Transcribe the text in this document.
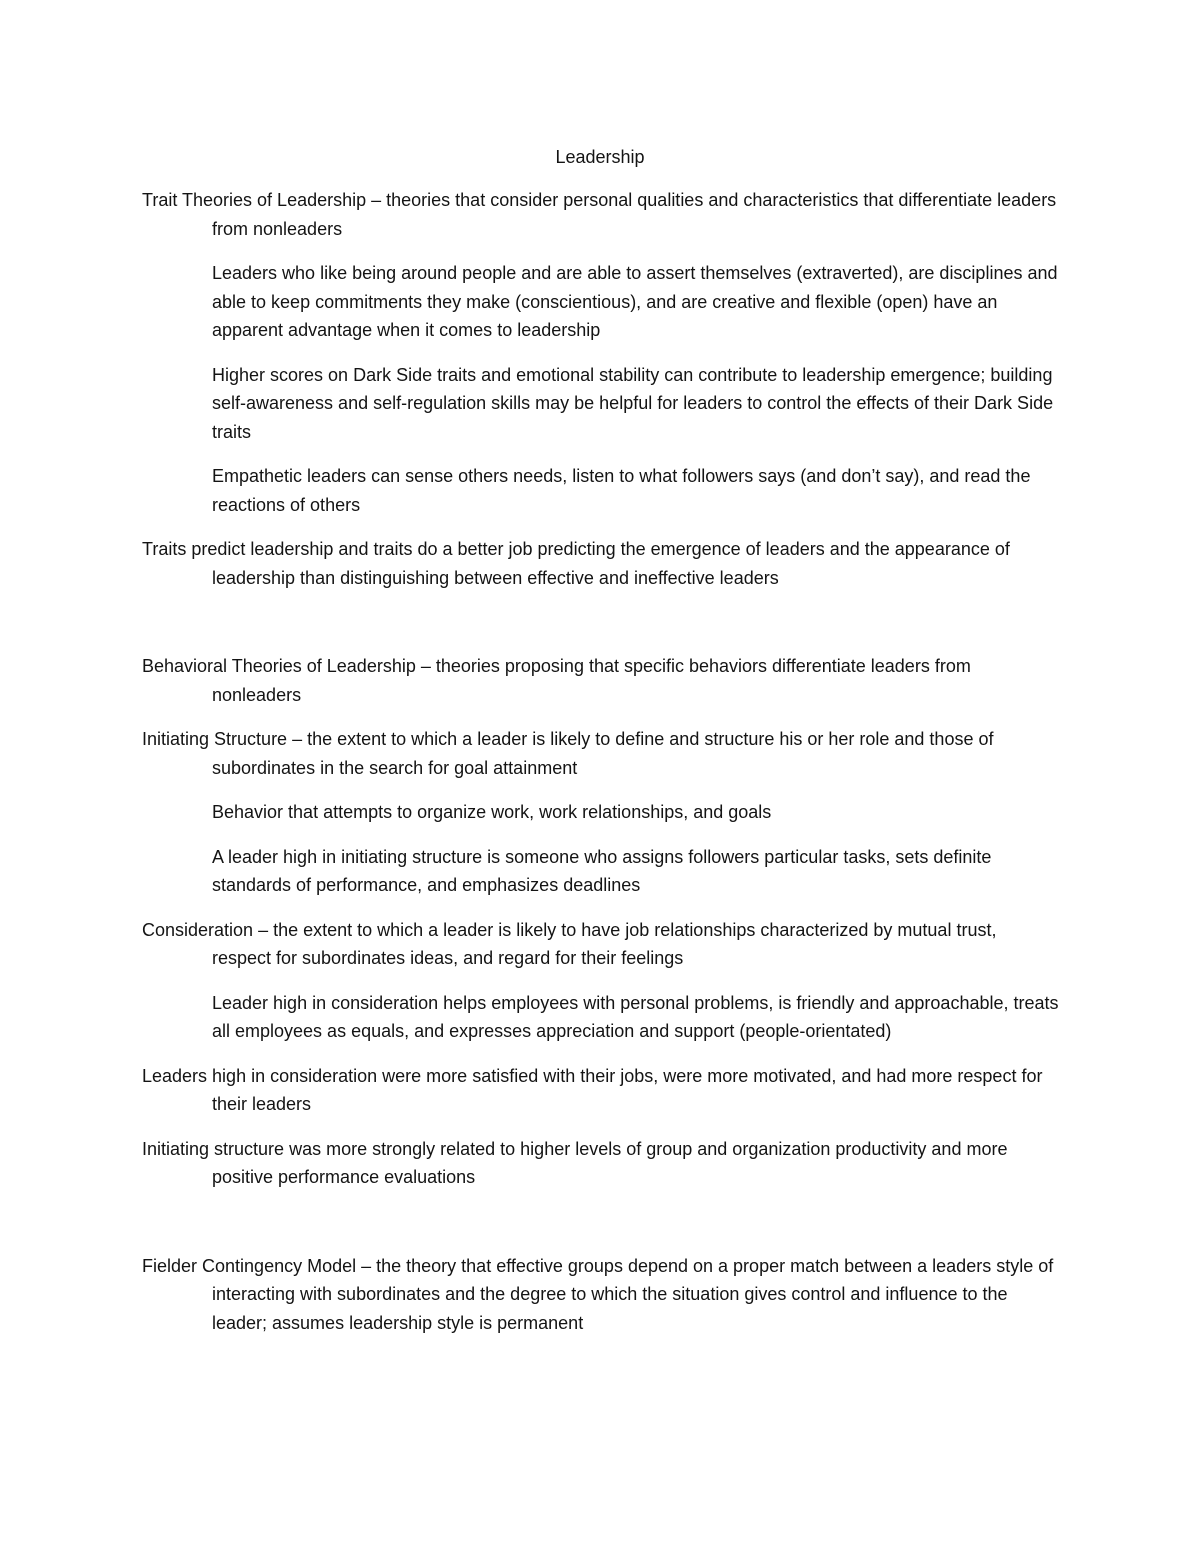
Leadership

Trait Theories of Leadership – theories that consider personal qualities and characteristics that differentiate leaders from nonleaders

Leaders who like being around people and are able to assert themselves (extraverted), are disciplines and able to keep commitments they make (conscientious), and are creative and flexible (open) have an apparent advantage when it comes to leadership

Higher scores on Dark Side traits and emotional stability can contribute to leadership emergence; building self-awareness and self-regulation skills may be helpful for leaders to control the effects of their Dark Side traits

Empathetic leaders can sense others needs, listen to what followers says (and don’t say), and read the reactions of others

Traits predict leadership and traits do a better job predicting the emergence of leaders and the appearance of leadership than distinguishing between effective and ineffective leaders

Behavioral Theories of Leadership – theories proposing that specific behaviors differentiate leaders from nonleaders

Initiating Structure – the extent to which a leader is likely to define and structure his or her role and those of subordinates in the search for goal attainment

Behavior that attempts to organize work, work relationships, and goals

A leader high in initiating structure is someone who assigns followers particular tasks, sets definite standards of performance, and emphasizes deadlines

Consideration – the extent to which a leader is likely to have job relationships characterized by mutual trust, respect for subordinates ideas, and regard for their feelings

Leader high in consideration helps employees with personal problems, is friendly and approachable, treats all employees as equals, and expresses appreciation and support (people-orientated)

Leaders high in consideration were more satisfied with their jobs, were more motivated, and had more respect for their leaders

Initiating structure was more strongly related to higher levels of group and organization productivity and more positive performance evaluations

Fielder Contingency Model – the theory that effective groups depend on a proper match between a leaders style of interacting with subordinates and the degree to which the situation gives control and influence to the leader; assumes leadership style is permanent
